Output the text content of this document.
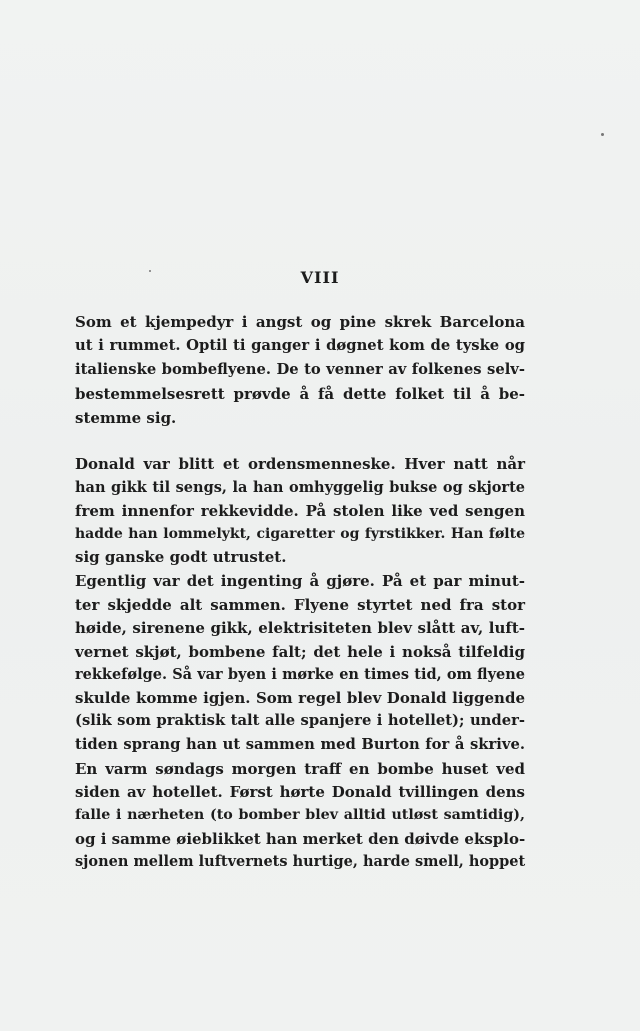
VIII
Som et kjempedyr i angst og pine skrek Barcelona
ut i rummet. Optil ti ganger i døgnet kom de tyske og
italienske bombeflyene. De to venner av folkenes selv-
bestemmelsesrett prøvde å få dette folket til å be-
stemme sig.
Donald var blitt et ordensmenneske. Hver natt når
han gikk til sengs, la han omhyggelig bukse og skjorte
frem innenfor rekkevidde. På stolen like ved sengen
hadde han lommelykt, cigaretter og fyrstikker. Han følte
sig ganske godt utrustet.
Egentlig var det ingenting å gjøre. På et par minut-
ter skjedde alt sammen. Flyene styrtet ned fra stor
høide, sirenene gikk, elektrisiteten blev slått av, luft-
vernet skjøt, bombene falt; det hele i nokså tilfeldig
rekkefølge. Så var byen i mørke en times tid, om flyene
skulde komme igjen. Som regel blev Donald liggende
(slik som praktisk talt alle spanjere i hotellet); under-
tiden sprang han ut sammen med Burton for å skrive.
En varm søndags morgen traff en bombe huset ved
siden av hotellet. Først hørte Donald tvillingen dens
falle i nærheten (to bomber blev alltid utløst samtidig),
og i samme øieblikket han merket den døivde eksplo-
sjonen mellem luftvernets hurtige, harde smell, hoppet
